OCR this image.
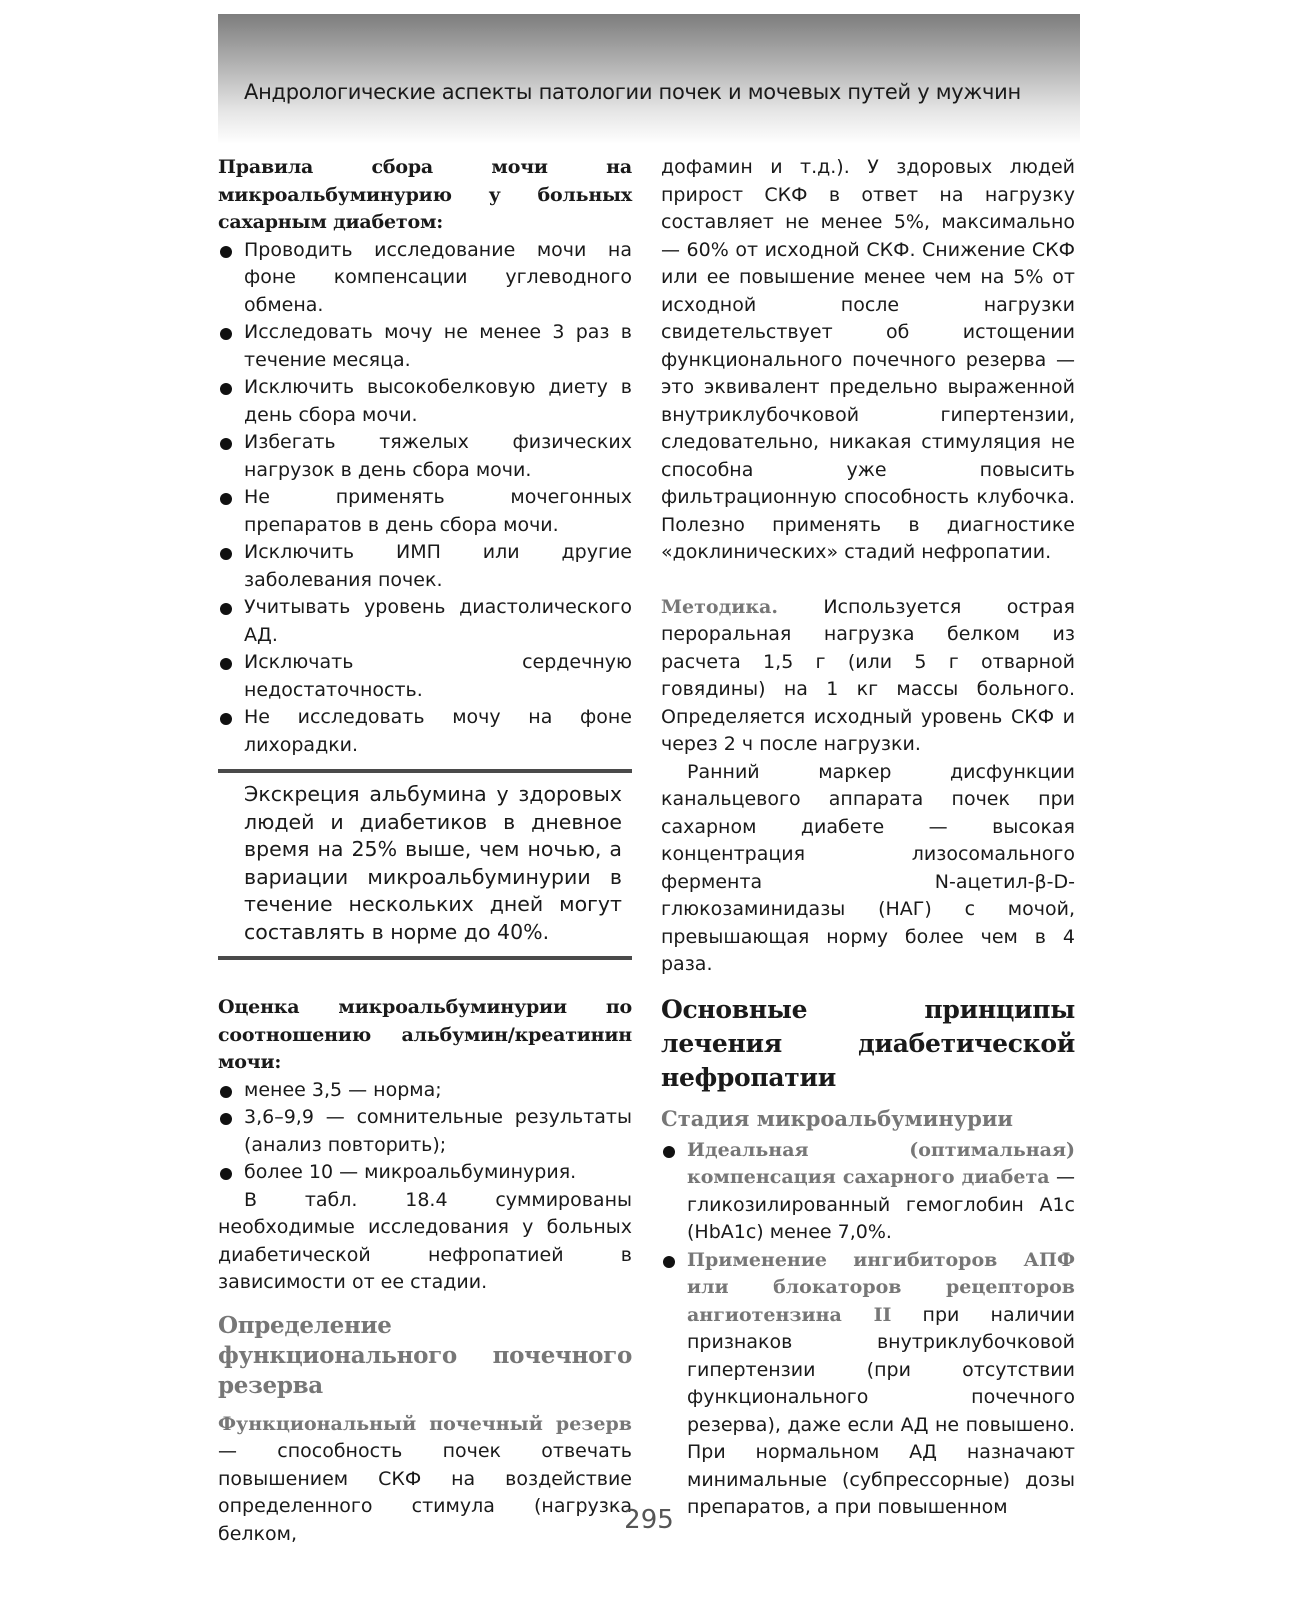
Андрологические аспекты патологии почек и мочевых путей у мужчин

Правила сбора мочи на микроальбуминурию у больных сахарным диабетом:

Проводить исследование мочи на фоне компенсации углеводного обмена.
Исследовать мочу не менее 3 раз в течение месяца.
Исключить высокобелковую диету в день сбора мочи.
Избегать тяжелых физических нагрузок в день сбора мочи.
Не применять мочегонных препаратов в день сбора мочи.
Исключить ИМП или другие заболевания почек.
Учитывать уровень диастолического АД.
Исключать сердечную недостаточность.
Не исследовать мочу на фоне лихорадки.

Экскреция альбумина у здоровых людей и диабетиков в дневное время на 25% выше, чем ночью, а вариации микроальбуминурии в течение нескольких дней могут составлять в норме до 40%.

Оценка микроальбуминурии по соотношению альбумин/креатинин мочи:

менее 3,5 — норма;
3,6–9,9 — сомнительные результаты (анализ повторить);
более 10 — микроальбуминурия.

В табл. 18.4 суммированы необходимые исследования у больных диабетической нефропатией в зависимости от ее стадии.

Определение функционального почечного резерва

Функциональный почечный резерв — способность почек отвечать повышением СКФ на воздействие определенного стимула (нагрузка белком,

дофамин и т.д.). У здоровых людей прирост СКФ в ответ на нагрузку составляет не менее 5%, максимально — 60% от исходной СКФ. Снижение СКФ или ее повышение менее чем на 5% от исходной после нагрузки свидетельствует об истощении функционального почечного резерва — это эквивалент предельно выраженной внутриклубочковой гипертензии, следовательно, никакая стимуляция не способна уже повысить фильтрационную способность клубочка. Полезно применять в диагностике «доклинических» стадий нефропатии.

Методика. Используется острая пероральная нагрузка белком из расчета 1,5 г (или 5 г отварной говядины) на 1 кг массы больного. Определяется исходный уровень СКФ и через 2 ч после нагрузки.

Ранний маркер дисфункции канальцевого аппарата почек при сахарном диабете — высокая концентрация лизосомального фермента N-ацетил-β-D-глюкозаминидазы (НАГ) с мочой, превышающая норму более чем в 4 раза.

Основные принципы лечения диабетической нефропатии

Стадия микроальбуминурии

Идеальная (оптимальная) компенсация сахарного диабета — гликозилированный гемоглобин A1c (HbA1c) менее 7,0%.
Применение ингибиторов АПФ или блокаторов рецепторов ангиотензина II при наличии признаков внутриклубочковой гипертензии (при отсутствии функционального почечного резерва), даже если АД не повышено. При нормальном АД назначают минимальные (субпрессорные) дозы препаратов, а при повышенном
295
